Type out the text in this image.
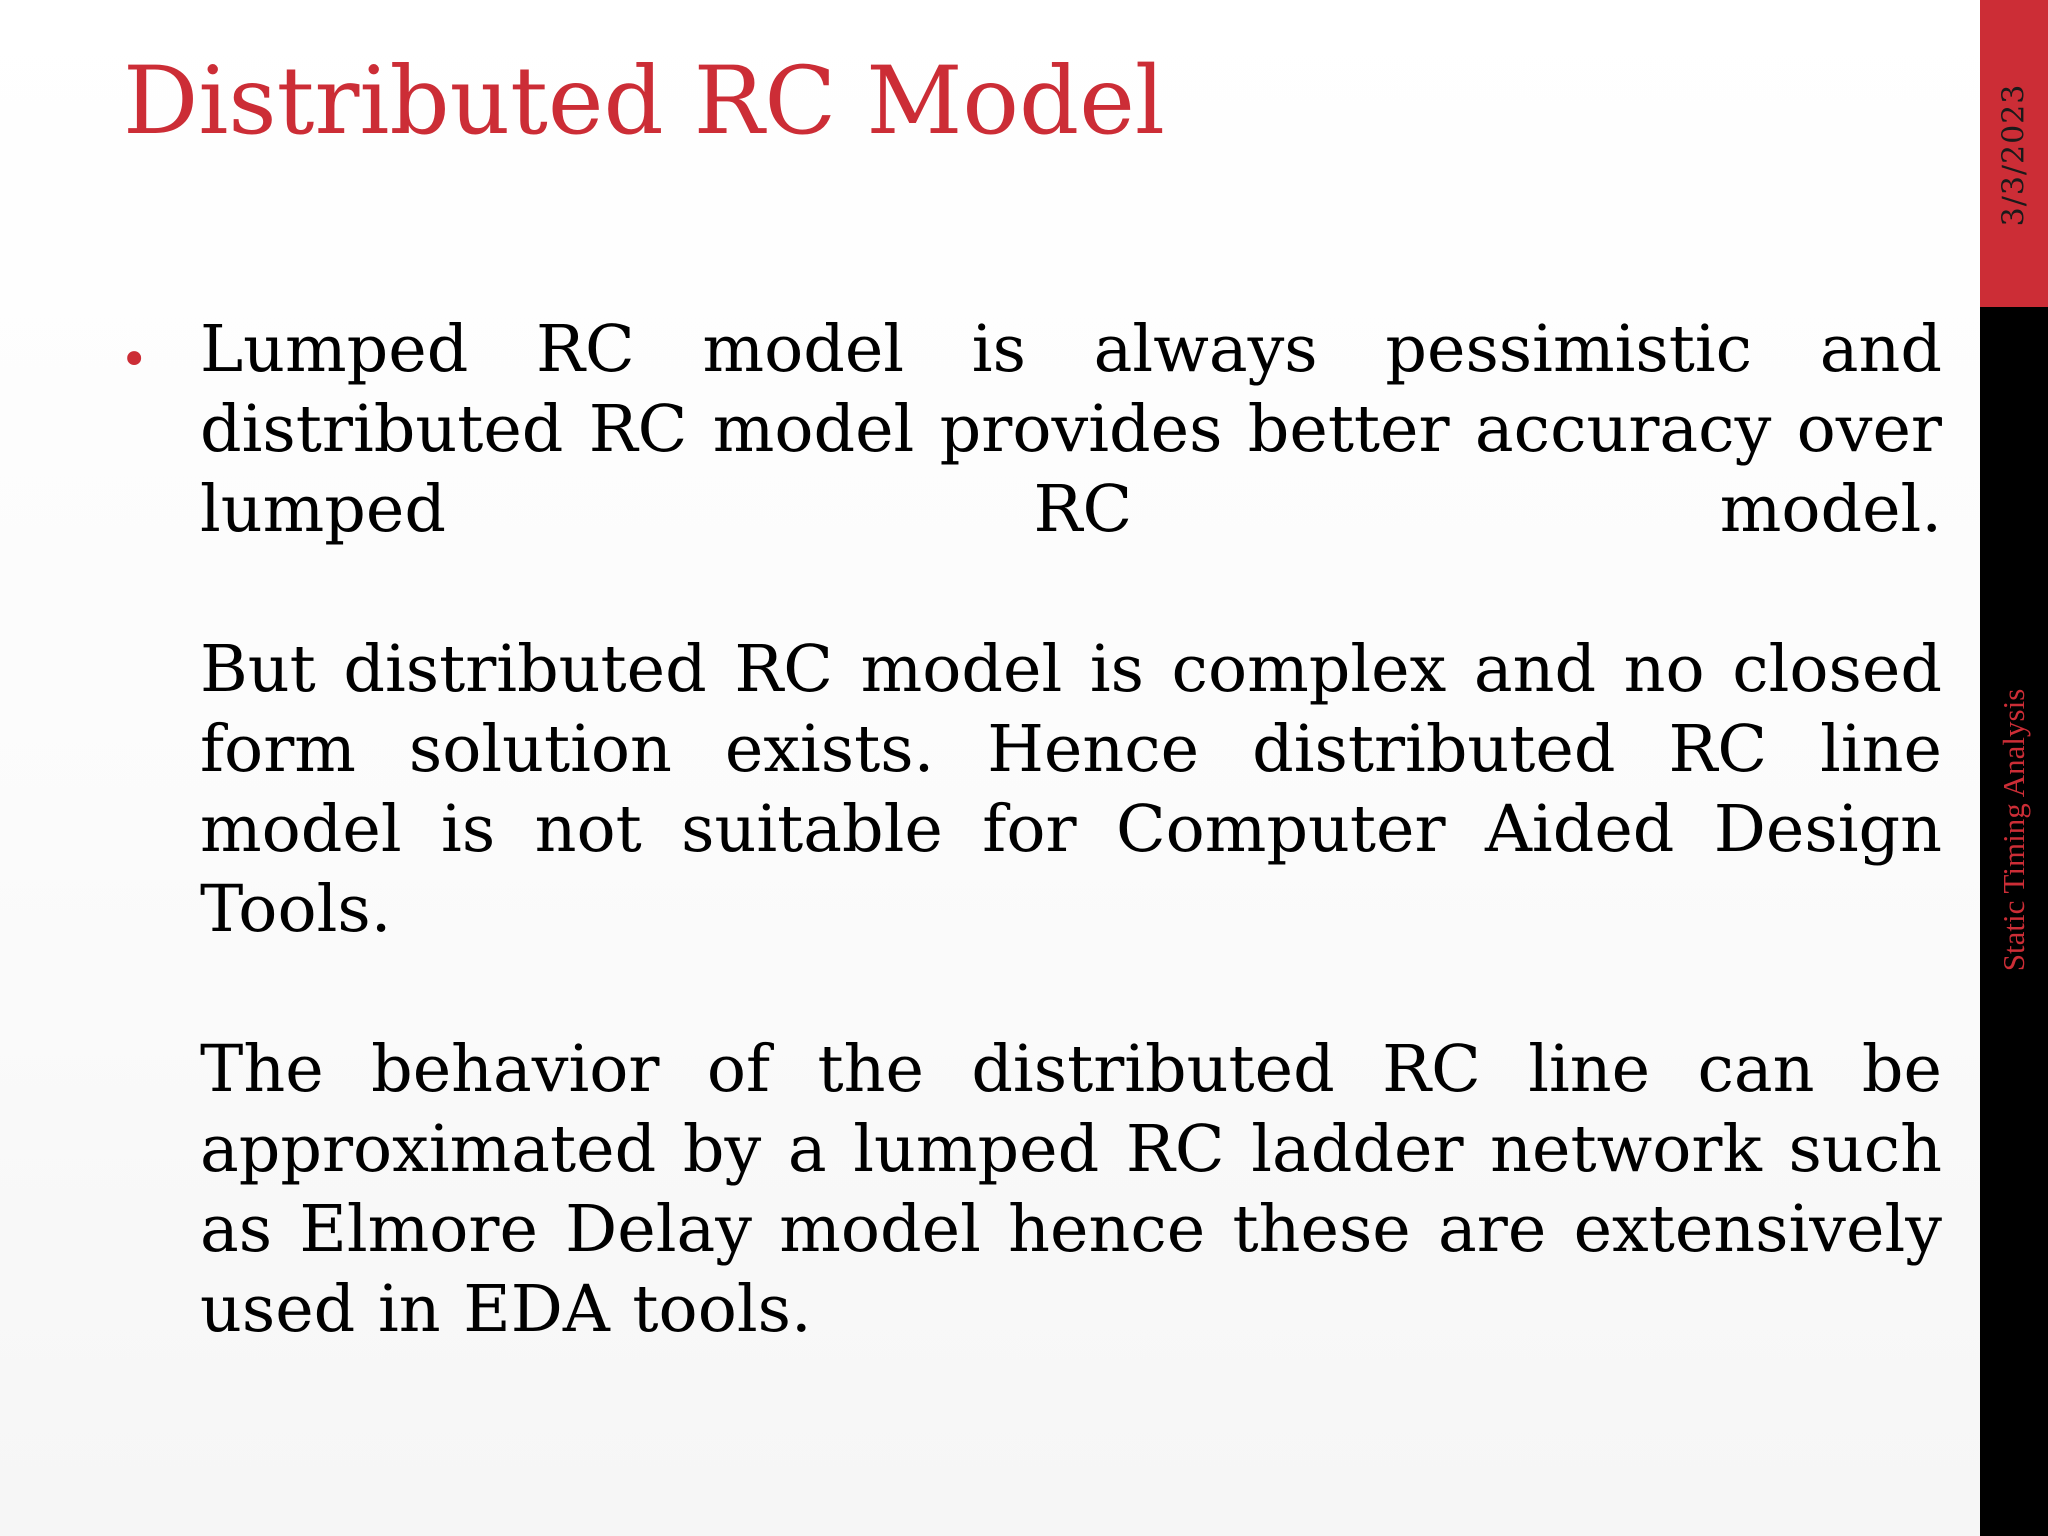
Distributed RC Model	3/3/2023
Static Timing Analysis
• Lumped RC model is always pessimistic and distributed RC model provides better accuracy over lumped RC model.

But distributed RC model is complex and no closed form solution exists. Hence distributed RC line model is not suitable for Computer Aided Design Tools.

The behavior of the distributed RC line can be approximated by a lumped RC ladder network such as Elmore Delay model hence these are extensively used in EDA tools.
